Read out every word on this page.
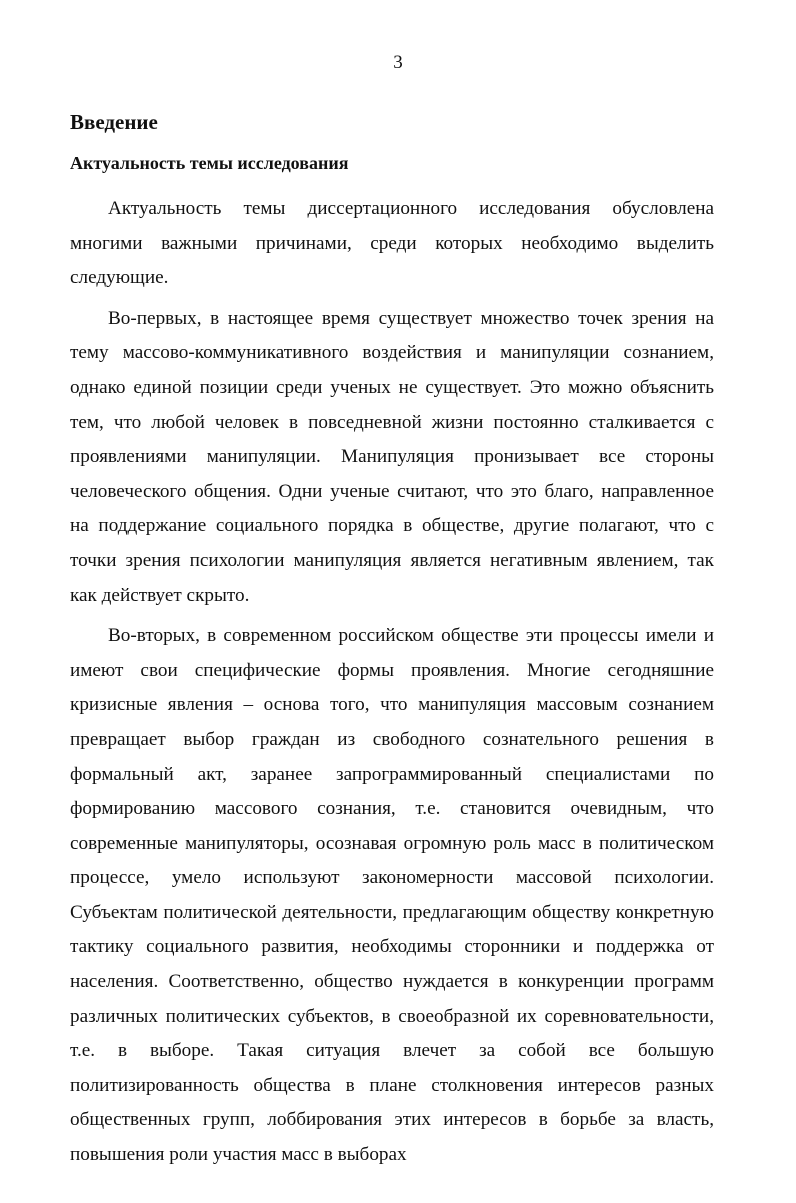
3
Введение
Актуальность темы исследования

Актуальность темы диссертационного исследования обусловлена многими важными причинами, среди которых необходимо выделить следующие.

Во-первых, в настоящее время существует множество точек зрения на тему массово-коммуникативного воздействия и манипуляции сознанием, однако единой позиции среди ученых не существует. Это можно объяснить тем, что любой человек в повседневной жизни постоянно сталкивается с проявлениями манипуляции. Манипуляция пронизывает все стороны человеческого общения. Одни ученые считают, что это благо, направленное на поддержание социального порядка в обществе, другие полагают, что с точки зрения психологии манипуляция является негативным явлением, так как действует скрыто.

Во-вторых, в современном российском обществе эти процессы имели и имеют свои специфические формы проявления. Многие сегодняшние кризисные явления – основа того, что манипуляция массовым сознанием превращает выбор граждан из свободного сознательного решения в формальный акт, заранее запрограммированный специалистами по формированию массового сознания, т.е. становится очевидным, что современные манипуляторы, осознавая огромную роль масс в политическом процессе, умело используют закономерности массовой психологии. Субъектам политической деятельности, предлагающим обществу конкретную тактику социального развития, необходимы сторонники и поддержка от населения. Соответственно, общество нуждается в конкуренции программ различных политических субъектов, в своеобразной их соревновательности, т.е. в выборе. Такая ситуация влечет за собой все большую политизированность общества в плане столкновения интересов разных общественных групп, лоббирования этих интересов в борьбе за власть, повышения роли участия масс в выборах
